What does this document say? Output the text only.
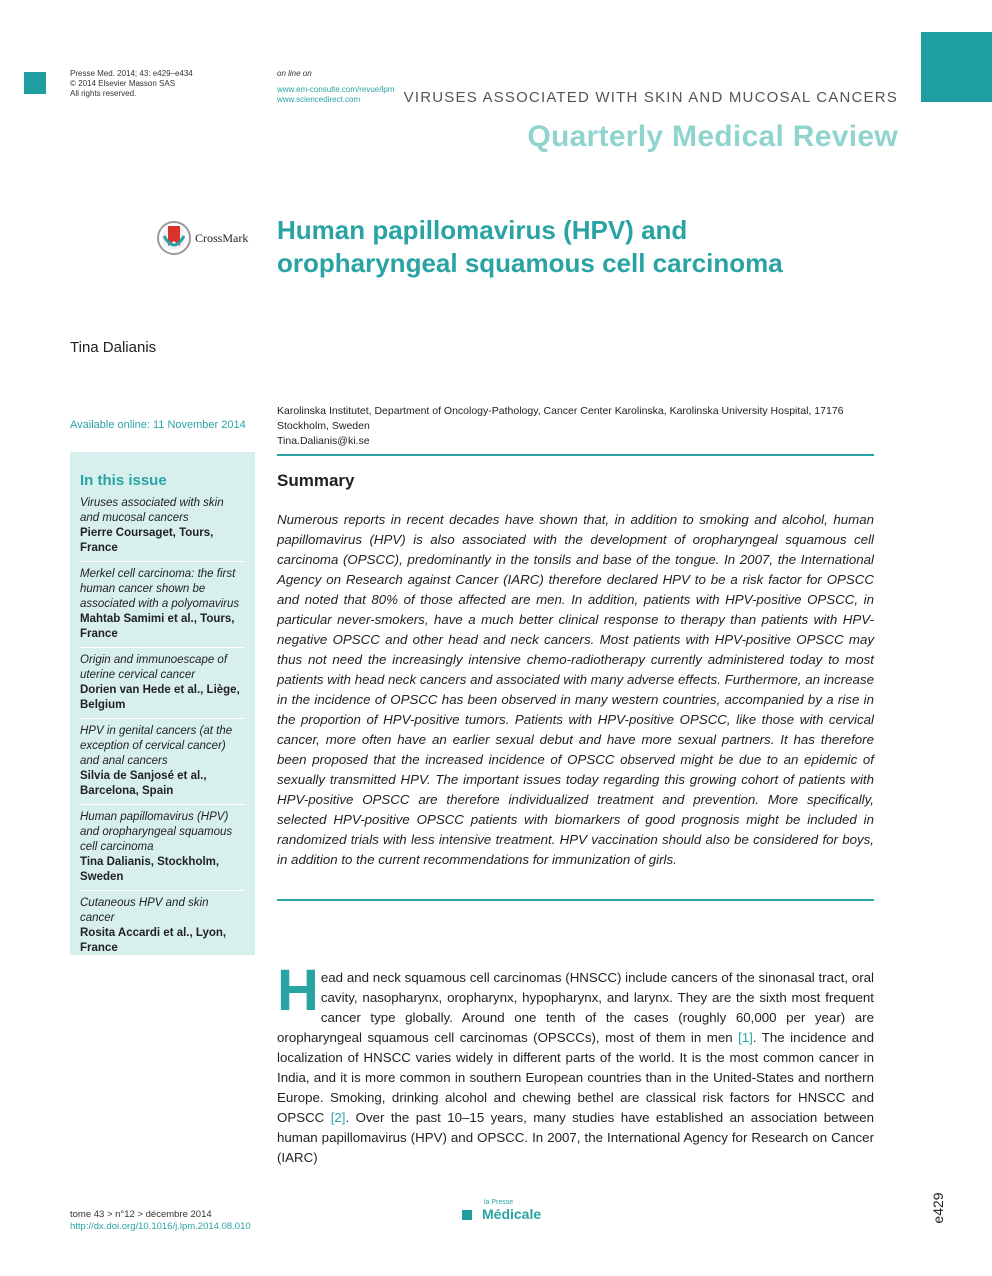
Presse Med. 2014; 43: e429–e434
© 2014 Elsevier Masson SAS
All rights reserved.
on line on
www.em-consulte.com/revue/lpm
www.sciencedirect.com	VIRUSES ASSOCIATED WITH SKIN AND MUCOSAL CANCERS
Quarterly Medical Review
CrossMark Human papillomavirus (HPV) and
oropharyngeal squamous cell carcinoma
Tina Dalianis
Available online: 11 November 2014
Karolinska Institutet, Department of Oncology-Pathology, Cancer Center Karolinska, Karolinska University Hospital, 17176 Stockholm, Sweden
Tina.Dalianis@ki.se
Summary
Numerous reports in recent decades have shown that, in addition to smoking and alcohol, human papillomavirus (HPV) is also associated with the development of oropharyngeal squamous cell carcinoma (OPSCC), predominantly in the tonsils and base of the tongue. In 2007, the International Agency on Research against Cancer (IARC) therefore declared HPV to be a risk factor for OPSCC and noted that 80% of those affected are men. In addition, patients with HPV-positive OPSCC, in particular never-smokers, have a much better clinical response to therapy than patients with HPV-negative OPSCC and other head and neck cancers. Most patients with HPV-positive OPSCC may thus not need the increasingly intensive chemo-radiotherapy currently administered today to most patients with head neck cancers and associated with many adverse effects. Furthermore, an increase in the incidence of OPSCC has been observed in many western countries, accompanied by a rise in the proportion of HPV-positive tumors. Patients with HPV-positive OPSCC, like those with cervical cancer, more often have an earlier sexual debut and have more sexual partners. It has therefore been proposed that the increased incidence of OPSCC observed might be due to an epidemic of sexually transmitted HPV. The important issues today regarding this growing cohort of patients with HPV-positive OPSCC are therefore individualized treatment and prevention. More specifically, selected HPV-positive OPSCC patients with biomarkers of good prognosis might be included in randomized trials with less intensive treatment. HPV vaccination should also be considered for boys, in addition to the current recommendations for immunization of girls.
In this issue
Viruses associated with skin and mucosal cancers
Pierre Coursaget, Tours, France
Merkel cell carcinoma: the first human cancer shown be associated with a polyomavirus
Mahtab Samimi et al., Tours, France
Origin and immunoescape of uterine cervical cancer
Dorien van Hede et al., Liège, Belgium
HPV in genital cancers (at the exception of cervical cancer) and anal cancers
Silvia de Sanjosé et al., Barcelona, Spain
Human papillomavirus (HPV) and oropharyngeal squamous cell carcinoma
Tina Dalianis, Stockholm, Sweden
Cutaneous HPV and skin cancer
Rosita Accardi et al., Lyon, France
Head and neck squamous cell carcinomas (HNSCC) include cancers of the sinonasal tract, oral cavity, nasopharynx, oropharynx, hypopharynx, and larynx. They are the sixth most frequent cancer type globally. Around one tenth of the cases (roughly 60,000 per year) are oropharyngeal squamous cell carcinomas (OPSCCs), most of them in men [1]. The incidence and localization of HNSCC varies widely in different parts of the world. It is the most common cancer in India, and it is more common in southern European countries than in the United-States and northern Europe. Smoking, drinking alcohol and chewing bethel are classical risk factors for HNSCC and OPSCC [2]. Over the past 10–15 years, many studies have established an association between human papillomavirus (HPV) and OPSCC. In 2007, the International Agency for Research on Cancer (IARC)
tome 43 > n°12 > décembre 2014
http://dx.doi.org/10.1016/j.lpm.2014.08.010
la Presse
Médicale	e429
